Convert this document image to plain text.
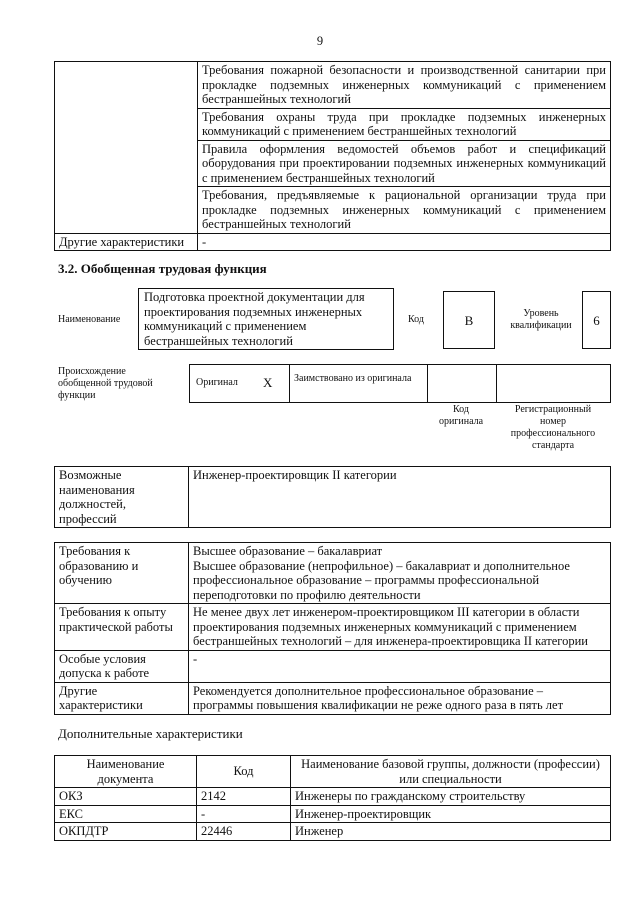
9
	Требования пожарной безопасности и производственной санитарии при прокладке подземных инженерных коммуникаций с применением бестраншейных технологий
	Требования охраны труда при прокладке подземных инженерных коммуникаций с применением бестраншейных технологий
	Правила оформления ведомостей объемов работ и спецификаций оборудования при проектировании подземных инженерных коммуникаций с применением бестраншейных технологий
	Требования, предъявляемые к рациональной организации труда при прокладке подземных инженерных коммуникаций с применением бестраншейных технологий
Другие характеристики	-
3.2. Обобщенная трудовая функция
Наименование
Подготовка проектной документации для проектирования подземных инженерных коммуникаций с применением бестраншейных технологий
Код	B	Уровень квалификации	6
Происхождение обобщенной трудовой функции
Оригинал X Заимствовано из оригинала
Код оригинала
Регистрационный номер профессионального стандарта
Возможные наименования должностей, профессий	Инженер-проектировщик II категории
Требования к образованию и обучению	Высшее образование – бакалавриат
Высшее образование (непрофильное) – бакалавриат и дополнительное профессиональное образование – программы профессиональной переподготовки по профилю деятельности
Требования к опыту практической работы	Не менее двух лет инженером-проектировщиком III категории в области проектирования подземных инженерных коммуникаций с применением бестраншейных технологий – для инженера-проектировщика II категории
Особые условия допуска к работе	-
Другие характеристики	Рекомендуется дополнительное профессиональное образование – программы повышения квалификации не реже одного раза в пять лет
Дополнительные характеристики
Наименование документа	Код	Наименование базовой группы, должности (профессии) или специальности
ОКЗ	2142	Инженеры по гражданскому строительству
ЕКС	-	Инженер-проектировщик
ОКПДТР	22446	Инженер
